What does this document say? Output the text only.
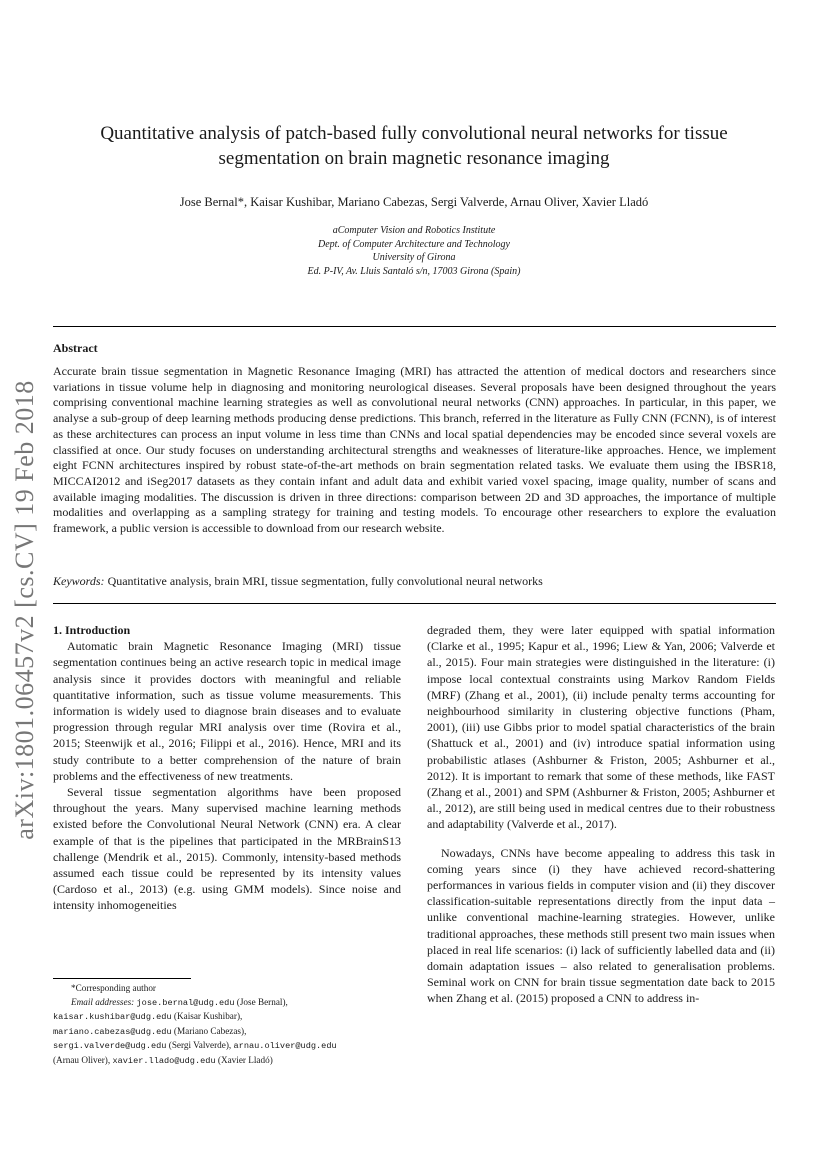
arXiv:1801.06457v2 [cs.CV] 19 Feb 2018
Quantitative analysis of patch-based fully convolutional neural networks for tissue segmentation on brain magnetic resonance imaging
Jose Bernal*, Kaisar Kushibar, Mariano Cabezas, Sergi Valverde, Arnau Oliver, Xavier Lladó
aComputer Vision and Robotics Institute
Dept. of Computer Architecture and Technology
University of Girona
Ed. P-IV, Av. Lluis Santaló s/n, 17003 Girona (Spain)
Abstract

Accurate brain tissue segmentation in Magnetic Resonance Imaging (MRI) has attracted the attention of medical doctors and researchers since variations in tissue volume help in diagnosing and monitoring neurological diseases. Several proposals have been designed throughout the years comprising conventional machine learning strategies as well as convolutional neural networks (CNN) approaches. In particular, in this paper, we analyse a sub-group of deep learning methods producing dense predictions. This branch, referred in the literature as Fully CNN (FCNN), is of interest as these architectures can process an input volume in less time than CNNs and local spatial dependencies may be encoded since several voxels are classified at once. Our study focuses on understanding architectural strengths and weaknesses of literature-like approaches. Hence, we implement eight FCNN architectures inspired by robust state-of-the-art methods on brain segmentation related tasks. We evaluate them using the IBSR18, MICCAI2012 and iSeg2017 datasets as they contain infant and adult data and exhibit varied voxel spacing, image quality, number of scans and available imaging modalities. The discussion is driven in three directions: comparison between 2D and 3D approaches, the importance of multiple modalities and overlapping as a sampling strategy for training and testing models. To encourage other researchers to explore the evaluation framework, a public version is accessible to download from our research website.

Keywords: Quantitative analysis, brain MRI, tissue segmentation, fully convolutional neural networks

1. Introduction

Automatic brain Magnetic Resonance Imaging (MRI) tissue segmentation continues being an active research topic in medical image analysis since it provides doctors with meaningful and reliable quantitative information, such as tissue volume measurements. This information is widely used to diagnose brain diseases and to evaluate progression through regular MRI analysis over time (Rovira et al., 2015; Steenwijk et al., 2016; Filippi et al., 2016). Hence, MRI and its study contribute to a better comprehension of the nature of brain problems and the effectiveness of new treatments.

Several tissue segmentation algorithms have been proposed throughout the years. Many supervised machine learning methods existed before the Convolutional Neural Network (CNN) era. A clear example of that is the pipelines that participated in the MRBrainS13 challenge (Mendrik et al., 2015). Commonly, intensity-based methods assumed each tissue could be represented by its intensity values (Cardoso et al., 2013) (e.g. using GMM models). Since noise and intensity inhomogeneities

degraded them, they were later equipped with spatial information (Clarke et al., 1995; Kapur et al., 1996; Liew & Yan, 2006; Valverde et al., 2015). Four main strategies were distinguished in the literature: (i) impose local contextual constraints using Markov Random Fields (MRF) (Zhang et al., 2001), (ii) include penalty terms accounting for neighbourhood similarity in clustering objective functions (Pham, 2001), (iii) use Gibbs prior to model spatial characteristics of the brain (Shattuck et al., 2001) and (iv) introduce spatial information using probabilistic atlases (Ashburner & Friston, 2005; Ashburner et al., 2012). It is important to remark that some of these methods, like FAST (Zhang et al., 2001) and SPM (Ashburner & Friston, 2005; Ashburner et al., 2012), are still being used in medical centres due to their robustness and adaptability (Valverde et al., 2017).

Nowadays, CNNs have become appealing to address this task in coming years since (i) they have achieved record-shattering performances in various fields in computer vision and (ii) they discover classification-suitable representations directly from the input data – unlike conventional machine-learning strategies. However, unlike traditional approaches, these methods still present two main issues when placed in real life scenarios: (i) lack of sufficiently labelled data and (ii) domain adaptation issues – also related to generalisation problems. Seminal work on CNN for brain tissue segmentation date back to 2015 when Zhang et al. (2015) proposed a CNN to address in-

*Corresponding author
Email addresses: jose.bernal@udg.edu (Jose Bernal),
kaisar.kushibar@udg.edu (Kaisar Kushibar),
mariano.cabezas@udg.edu (Mariano Cabezas),
sergi.valverde@udg.edu (Sergi Valverde), arnau.oliver@udg.edu
(Arnau Oliver), xavier.llado@udg.edu (Xavier Lladó)
